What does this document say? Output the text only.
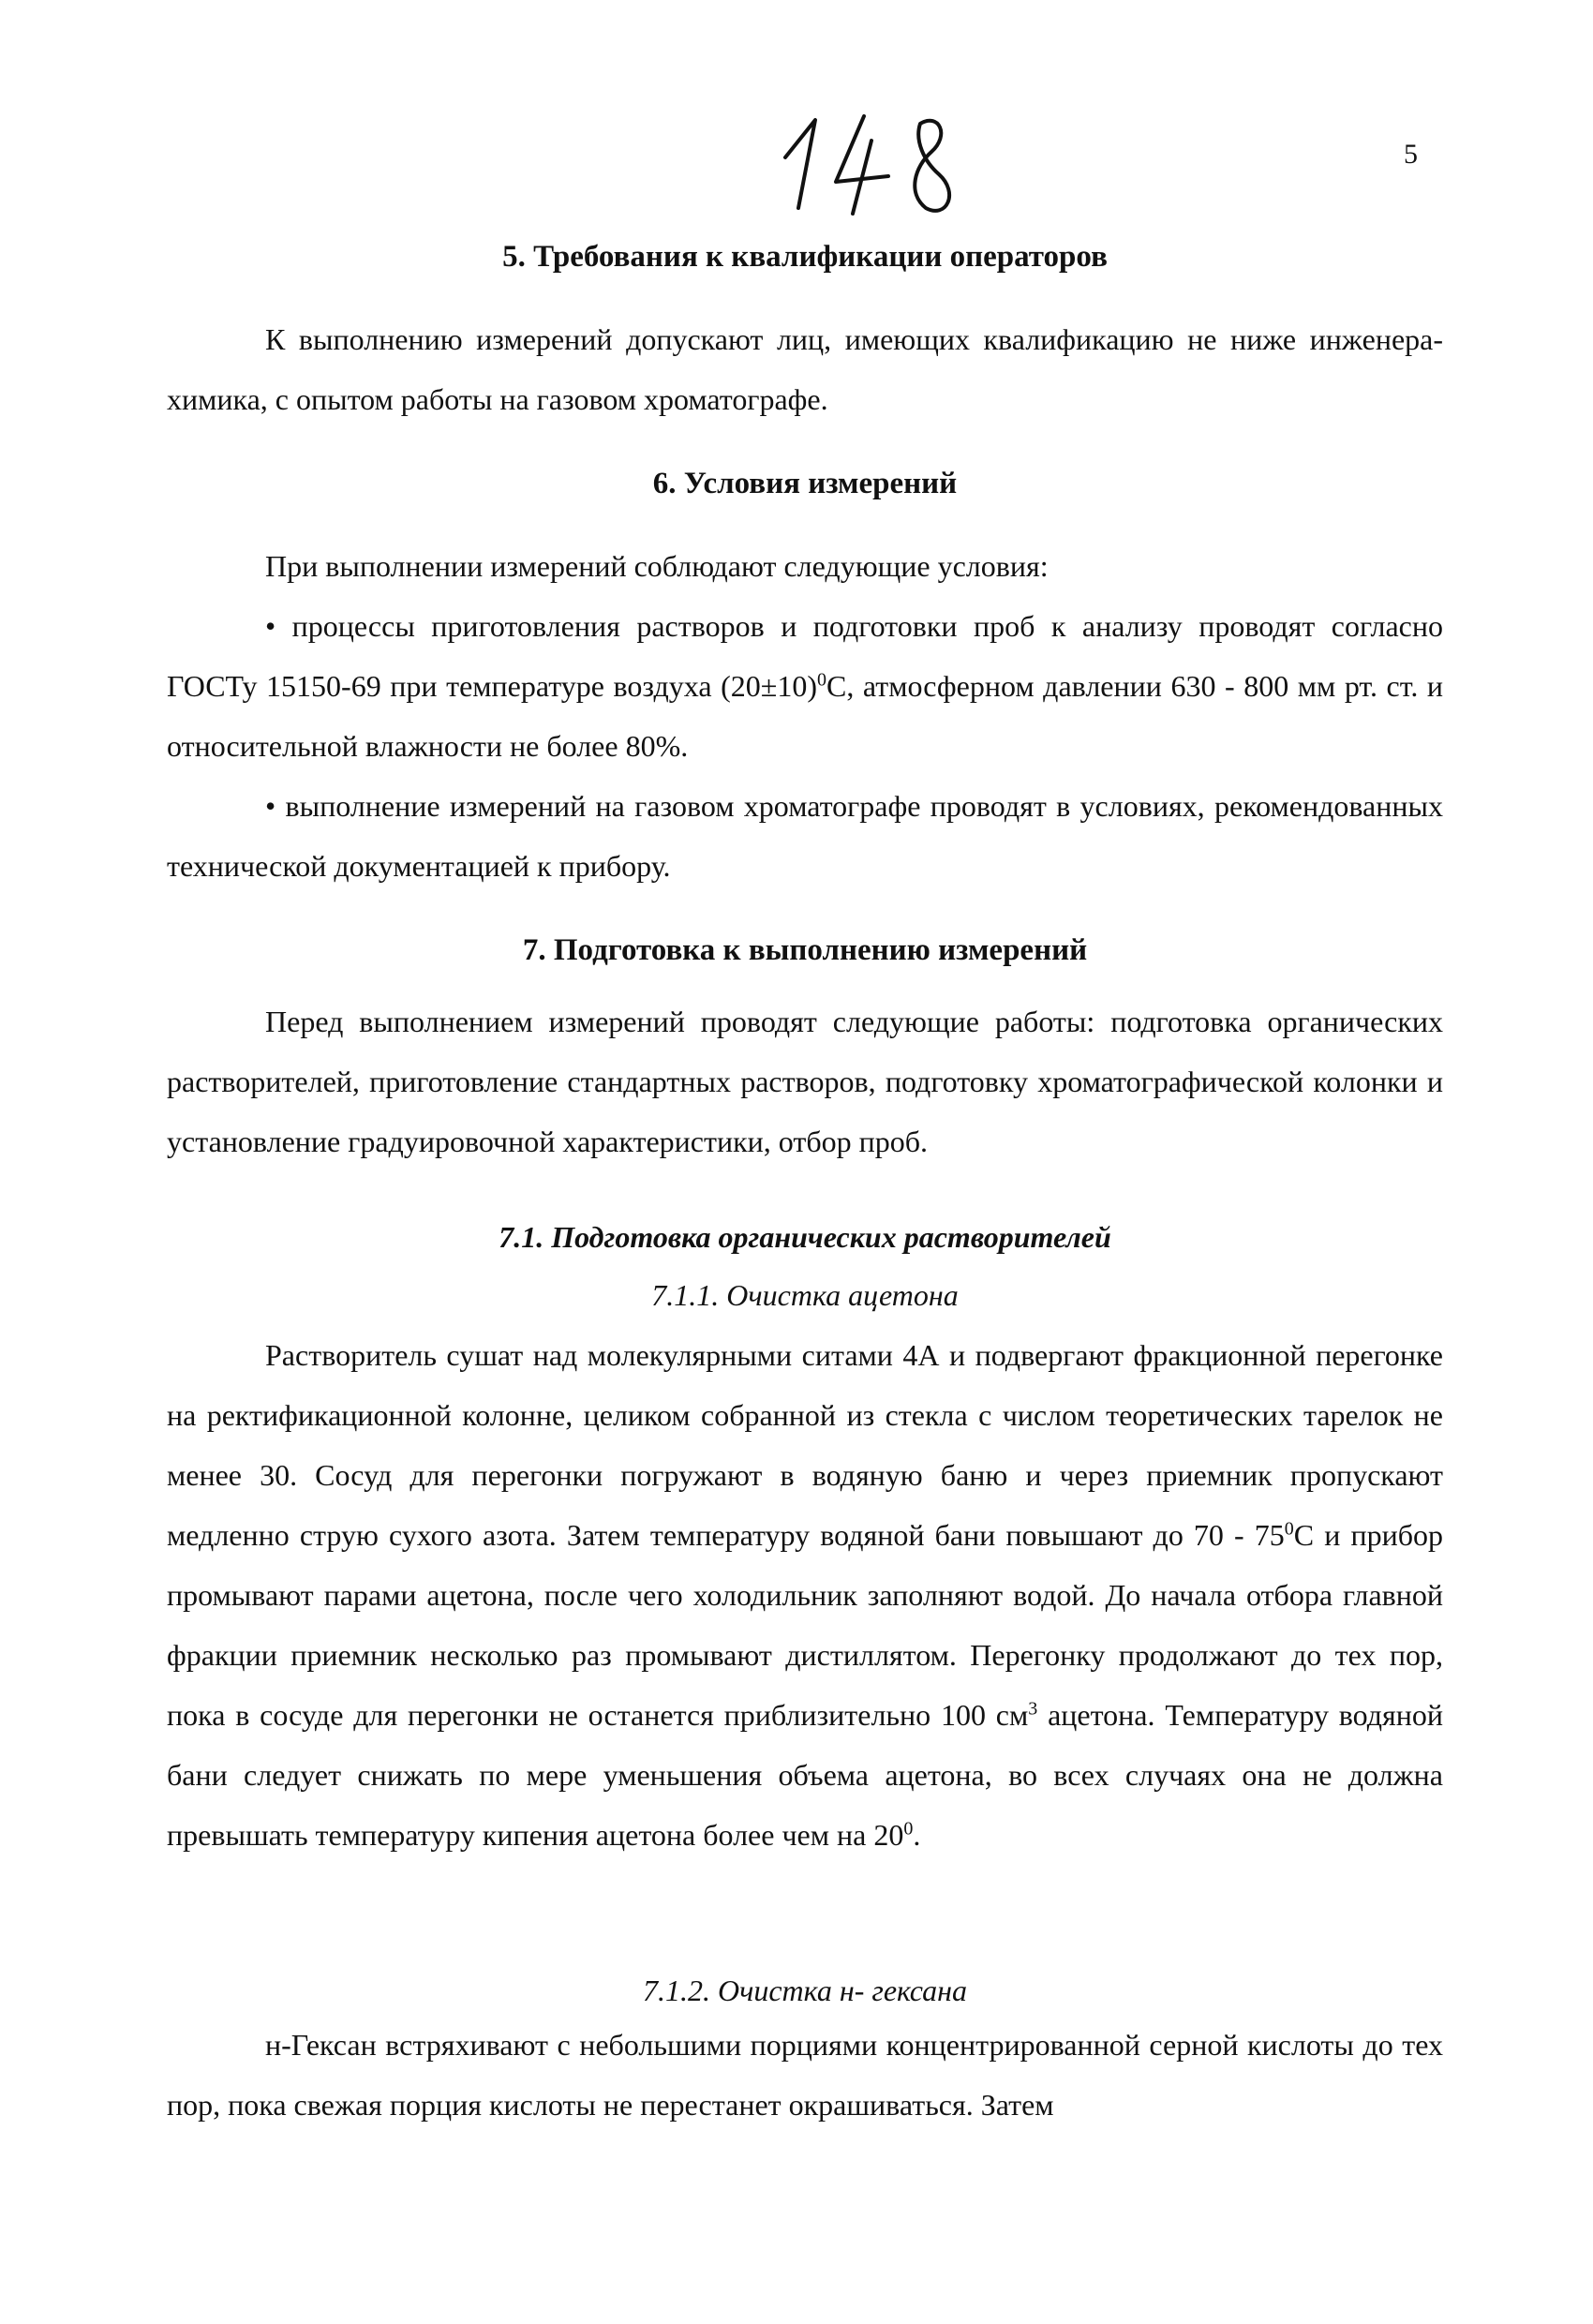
5
5. Требования к квалификации операторов

К выполнению измерений допускают лиц, имеющих квалификацию не ниже инженера-химика, с опытом работы на газовом хроматографе.

6. Условия измерений

При выполнении измерений соблюдают следующие условия:

• процессы приготовления растворов и подготовки проб к анализу проводят согласно ГОСТу 15150-69 при температуре воздуха $(20\pm 10)^0С$, атмосферном давлении 630 - 800 мм рт. ст. и относительной влажности не более 80%.

• выполнение измерений на газовом хроматографе проводят в условиях, рекомендованных технической документацией к прибору.

7. Подготовка к выполнению измерений

Перед выполнением измерений проводят следующие работы: подготовка органических растворителей, приготовление стандартных растворов, подготовку хроматографической колонки и установление градуировочной характеристики, отбор проб.

7.1. Подготовка органических растворителей
7.1.1. Очистка ацетона

Растворитель сушат над молекулярными ситами 4А и подвергают фракционной перегонке на ректификационной колонне, целиком собранной из стекла с числом теоретических тарелок не менее 30. Сосуд для перегонки погружают в водяную баню и через приемник пропускают медленно струю сухого азота. Затем температуру водяной бани повышают до $70 - 75^0С$ и прибор промывают парами ацетона, после чего холодильник заполняют водой. До начала отбора главной фракции приемник несколько раз промывают дистиллятом. Перегонку продолжают до тех пор, пока в сосуде для перегонки не останется приблизительно 100 $см^3$ ацетона. Температуру водяной бани следует снижать по мере уменьшения объема ацетона, во всех случаях она не должна превышать температуру кипения ацетона более чем на $20^0$.

7.1.2. Очистка н- гексана

н-Гексан встряхивают с небольшими порциями концентрированной серной кислоты до тех пор, пока свежая порция кислоты не перестанет окрашиваться. Затем
